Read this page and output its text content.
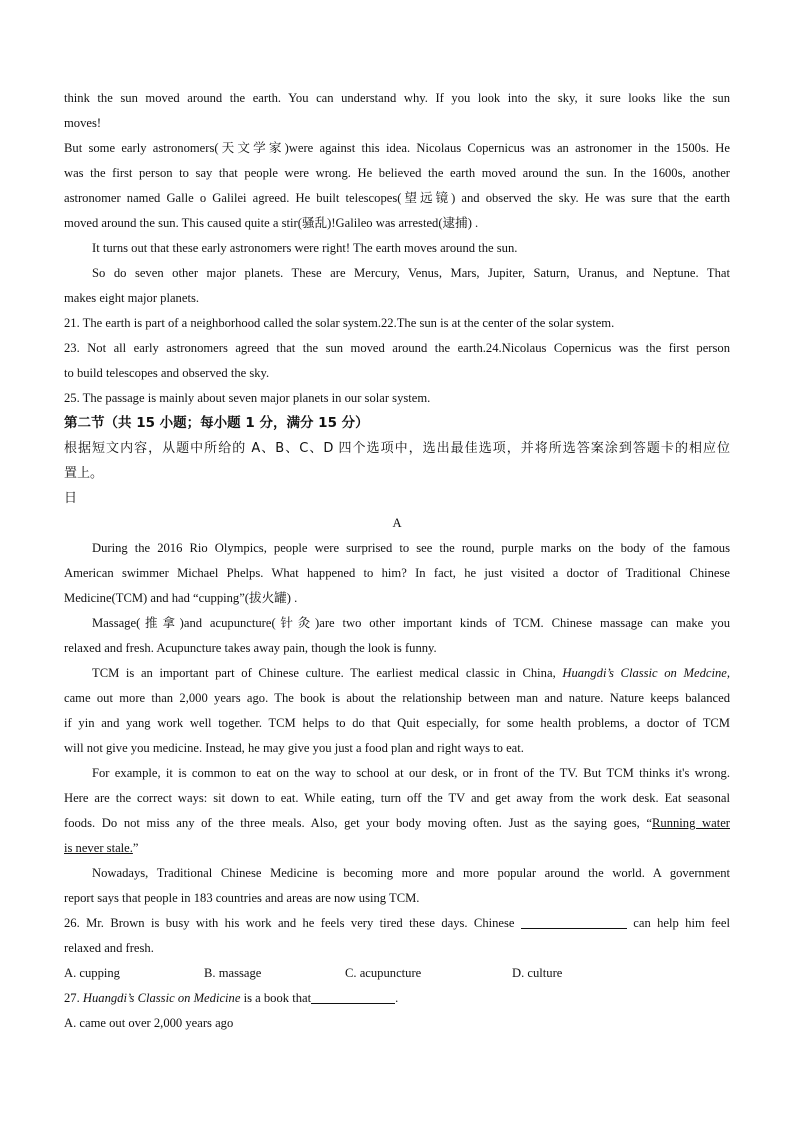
think the sun moved around the earth. You can understand why. If you look into the sky, it sure looks like the sun
moves!
But some early astronomers(天文学家)were against this idea. Nicolaus Copernicus was an astronomer in the 1500s. He
was the first person to say that people were wrong. He believed the earth moved around the sun. In the 1600s, another
astronomer named Galle o Galilei agreed. He built telescopes(望远镜) and observed the sky. He was sure that the earth
moved around the sun. This caused quite a stir(骚乱)!Galileo was arrested(逮捕) .
It turns out that these early astronomers were right! The earth moves around the sun.
So do seven other major planets. These are Mercury, Venus, Mars, Jupiter, Saturn, Uranus, and Neptune. That
makes eight major planets.
21. The earth is part of a neighborhood called the solar system.22.The sun is at the center of the solar system.
23. Not all early astronomers agreed that the sun moved around the earth.24.Nicolaus Copernicus was the first person
to build telescopes and observed the sky.
25. The passage is mainly about seven major planets in our solar system.
第二节（共 15 小题；每小题 1 分，满分 15 分）
根据短文内容，从题中所给的 A、B、C、D 四个选项中，选出最佳选项，并将所选答案涂到答题卡的相应位
置上。
日
A
During the 2016 Rio Olympics, people were surprised to see the round, purple marks on the body of the famous
American swimmer Michael Phelps. What happened to him? In fact, he just visited a doctor of Traditional Chinese
Medicine(TCM) and had “cupping”(拔火罐) .
Massage(推拿)and acupuncture(针灸)are two other important kinds of TCM. Chinese massage can make you
relaxed and fresh. Acupuncture takes away pain, though the look is funny.
TCM is an important part of Chinese culture. The earliest medical classic in China, Huangdi’s Classic on Medcine,
came out more than 2,000 years ago. The book is about the relationship between man and nature. Nature keeps balanced
if yin and yang work well together. TCM helps to do that Quit especially, for some health problems, a doctor of TCM
will not give you medicine. Instead, he may give you just a food plan and right ways to eat.
For example, it is common to eat on the way to school at our desk, or in front of the TV. But TCM thinks it's wrong.
Here are the correct ways: sit down to eat. While eating, turn off the TV and get away from the work desk. Eat seasonal
foods. Do not miss any of the three meals. Also, get your body moving often. Just as the saying goes, “Running water
is never stale.”
Nowadays, Traditional Chinese Medicine is becoming more and more popular around the world. A government
report says that people in 183 countries and areas are now using TCM.
26. Mr. Brown is busy with his work and he feels very tired these days. Chinese	can help him feel
relaxed and fresh.
A. cupping	B. massage	C. acupuncture	D. culture
27. Huangdi’s Classic on Medicine is a book that	.
A. came out over 2,000 years ago
